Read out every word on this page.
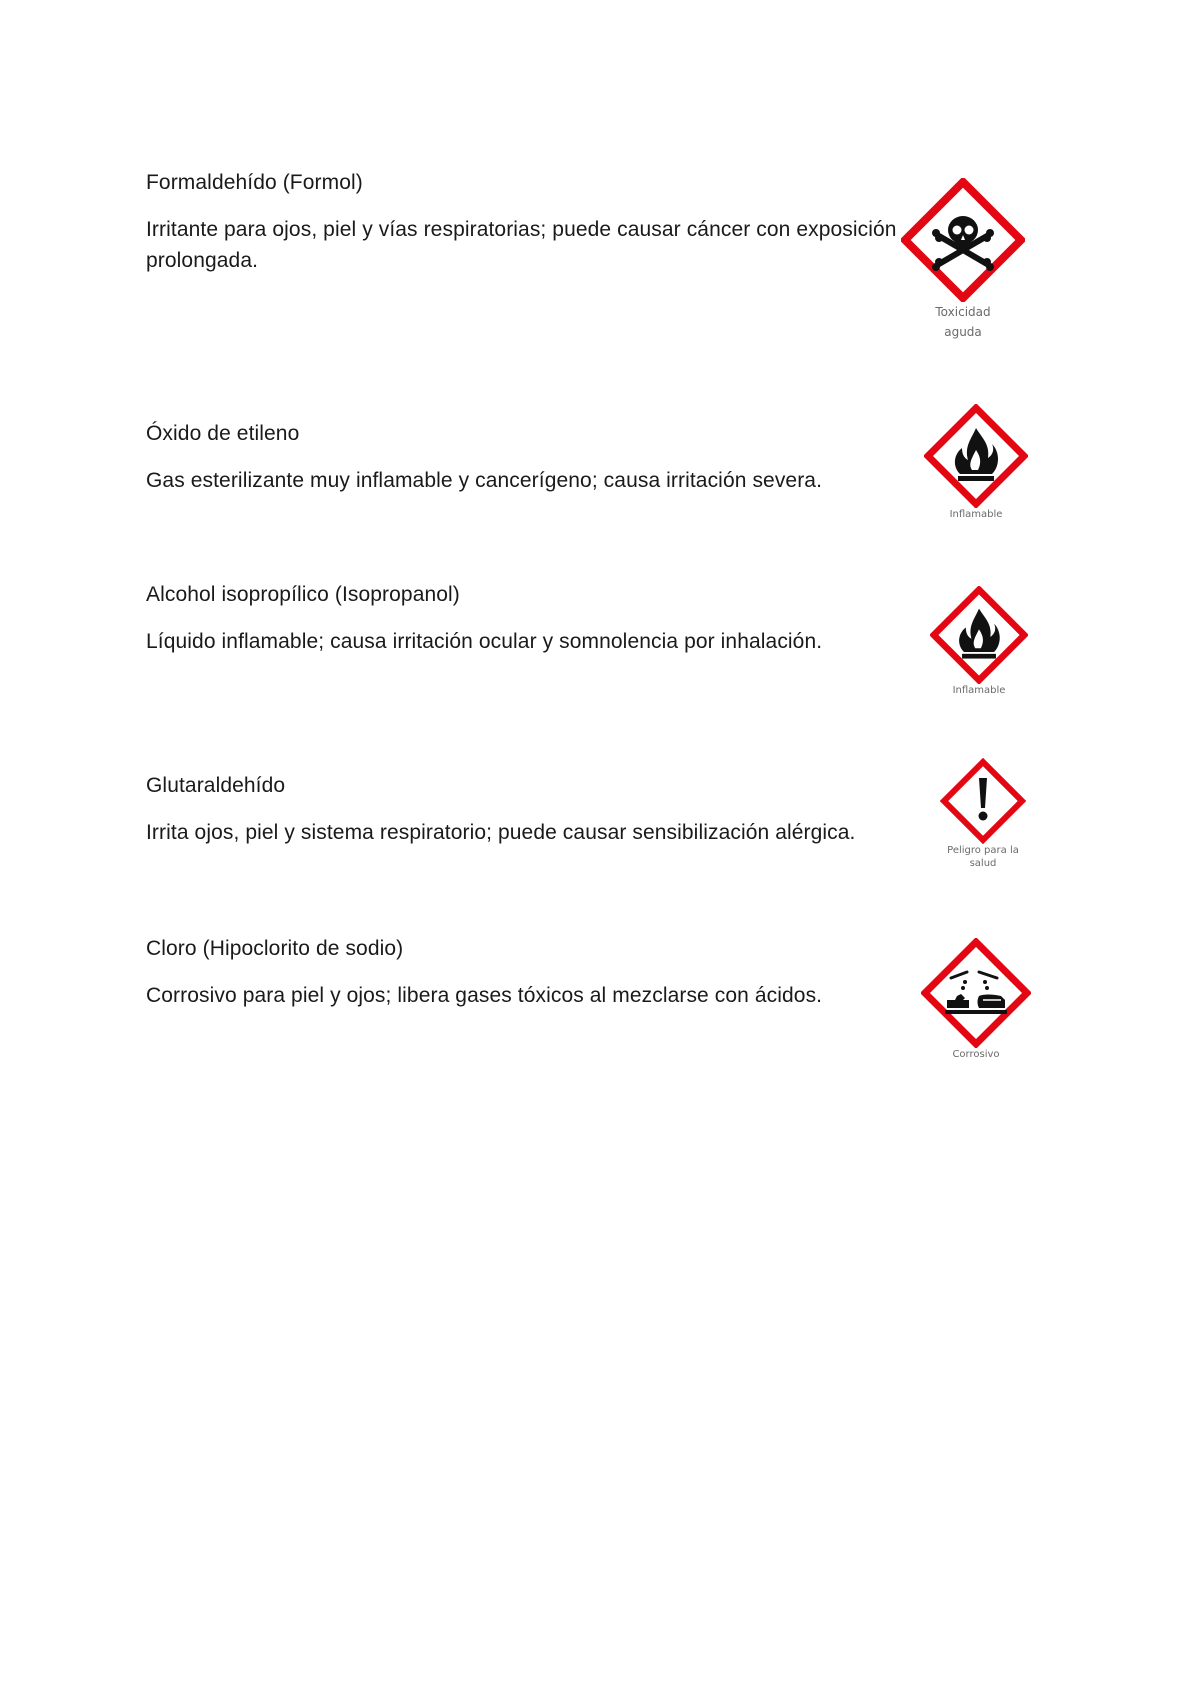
Formaldehído (Formol)

Irritante para ojos, piel y vías respiratorias; puede causar cáncer con exposición prolongada.

Toxicidad
aguda
Óxido de etileno

Gas esterilizante muy inflamable y cancerígeno; causa irritación severa.

Inflamable
Alcohol isopropílico (Isopropanol)

Líquido inflamable; causa irritación ocular y somnolencia por inhalación.

Inflamable
Glutaraldehído

Irrita ojos, piel y sistema respiratorio; puede causar sensibilización alérgica.

Peligro para la
salud
Cloro (Hipoclorito de sodio)

Corrosivo para piel y ojos; libera gases tóxicos al mezclarse con ácidos.

Corrosivo
